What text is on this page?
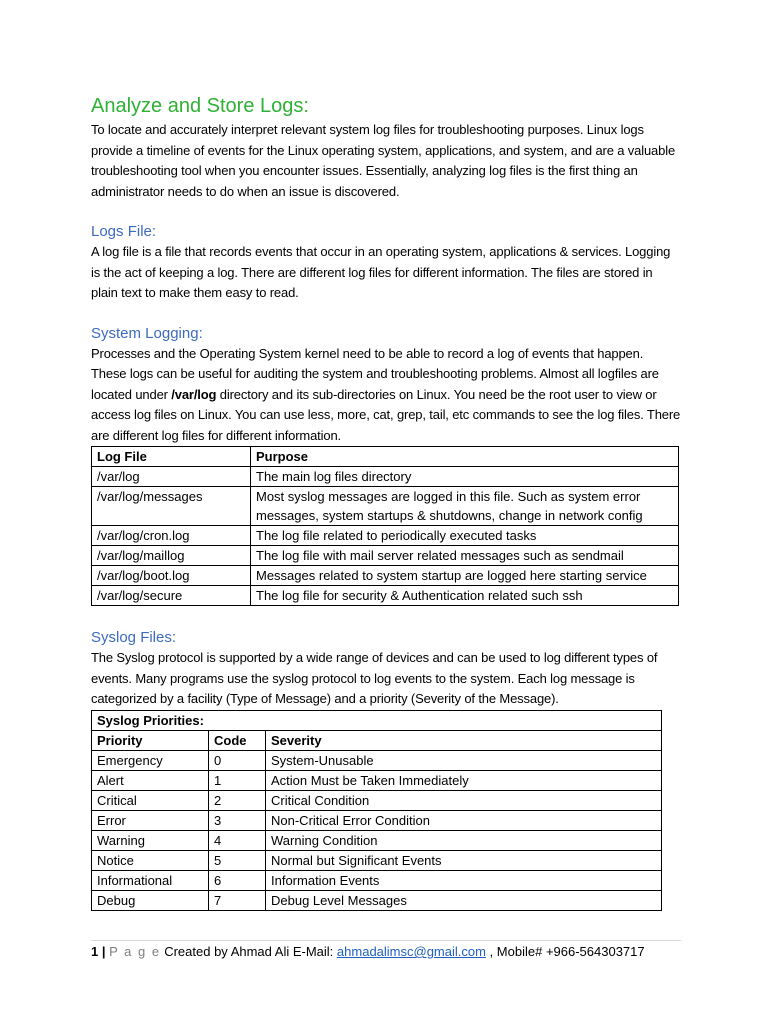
Analyze and Store Logs:

To locate and accurately interpret relevant system log files for troubleshooting purposes. Linux logs provide a timeline of events for the Linux operating system, applications, and system, and are a valuable troubleshooting tool when you encounter issues. Essentially, analyzing log files is the first thing an administrator needs to do when an issue is discovered.

Logs File:

A log file is a file that records events that occur in an operating system, applications & services. Logging is the act of keeping a log. There are different log files for different information. The files are stored in plain text to make them easy to read.

System Logging:

Processes and the Operating System kernel need to be able to record a log of events that happen. These logs can be useful for auditing the system and troubleshooting problems. Almost all logfiles are located under /var/log directory and its sub-directories on Linux. You need be the root user to view or access log files on Linux. You can use less, more, cat, grep, tail, etc commands to see the log files. There are different log files for different information.

Log File	Purpose
/var/log	The main log files directory
/var/log/messages	Most syslog messages are logged in this file. Such as system error messages, system startups & shutdowns, change in network config
/var/log/cron.log	The log file related to periodically executed tasks
/var/log/maillog	The log file with mail server related messages such as sendmail
/var/log/boot.log	Messages related to system startup are logged here starting service
/var/log/secure	The log file for security & Authentication related such ssh
Syslog Files:

The Syslog protocol is supported by a wide range of devices and can be used to log different types of events. Many programs use the syslog protocol to log events to the system. Each log message is categorized by a facility (Type of Message) and a priority (Severity of the Message).

Syslog Priorities:		
Priority	Code	Severity
Emergency	0	System-Unusable
Alert	1	Action Must be Taken Immediately
Critical	2	Critical Condition
Error	3	Non-Critical Error Condition
Warning	4	Warning Condition
Notice	5	Normal but Significant Events
Informational	6	Information Events
Debug	7	Debug Level Messages
1 | P a g e Created by Ahmad Ali E-Mail: ahmadalimsc@gmail.com , Mobile# +966-564303717
